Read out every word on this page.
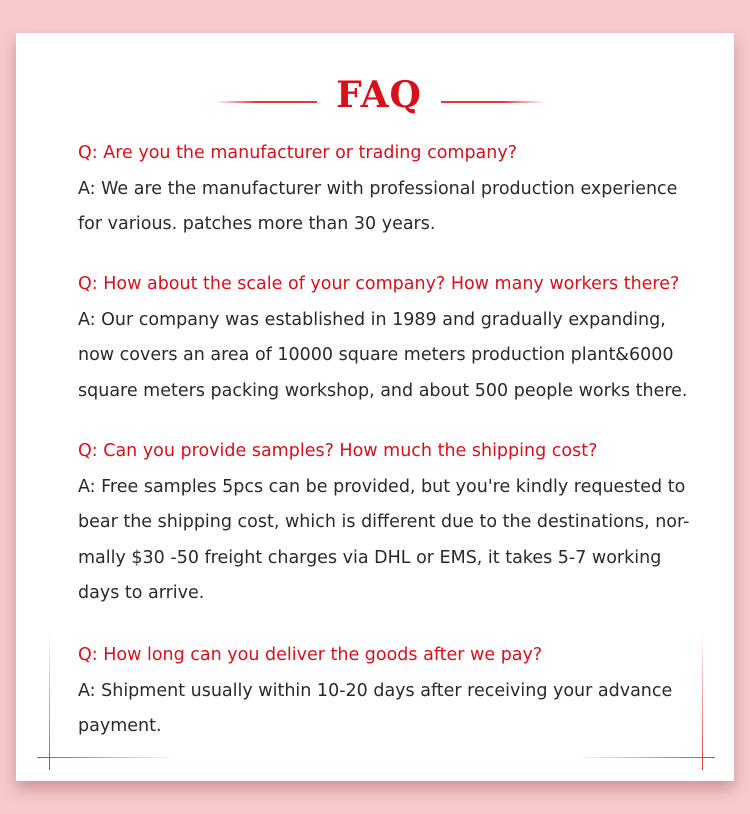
FAQ
Q: Are you the manufacturer or trading company?
A: We are the manufacturer with professional production experience
for various. patches more than 30 years.
Q: How about the scale of your company? How many workers there?
A: Our company was established in 1989 and gradually expanding,
now covers an area of 10000 square meters production plant&6000
square meters packing workshop, and about 500 people works there.
Q: Can you provide samples? How much the shipping cost?
A: Free samples 5pcs can be provided, but you're kindly requested to
bear the shipping cost, which is different due to the destinations, nor-
mally $30 -50 freight charges via DHL or EMS, it takes 5-7 working
days to arrive.
Q: How long can you deliver the goods after we pay?
A: Shipment usually within 10-20 days after receiving your advance
payment.
